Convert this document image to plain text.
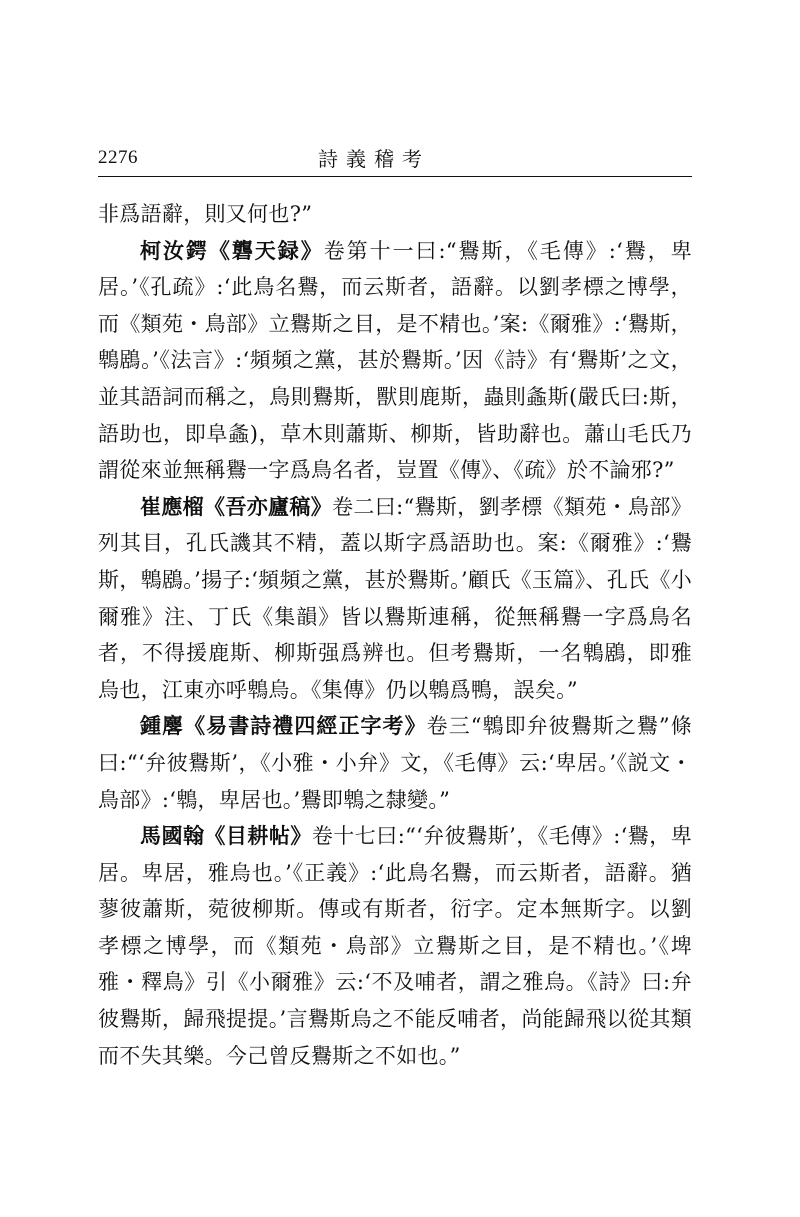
2276	詩義稽考

非爲語辭，則又何也?”

柯汝鍔《礱天録》卷第十一曰:“鸒斯，《毛傳》:‘鸒，卑居。’《孔疏》:‘此鳥名鸒，而云斯者，語辭。以劉孝標之博學，而《類苑・鳥部》立鸒斯之目，是不精也。’案:《爾雅》:‘鸒斯，鵯鶋。’《法言》:‘頻頻之黨，甚於鸒斯。’因《詩》有‘鸒斯’之文，並其語詞而稱之，鳥則鸒斯，獸則鹿斯，蟲則螽斯(嚴氏曰:斯，語助也，即阜螽)，草木則蕭斯、柳斯，皆助辭也。蕭山毛氏乃謂從來並無稱鸒一字爲鳥名者，豈置《傳》、《疏》於不論邪?”

崔應榴《吾亦廬稿》卷二曰:“鸒斯，劉孝標《類苑・鳥部》列其目，孔氏譏其不精，蓋以斯字爲語助也。案:《爾雅》:‘鸒斯，鵯鶋。’揚子:‘頻頻之黨，甚於鸒斯。’顧氏《玉篇》、孔氏《小爾雅》注、丁氏《集韻》皆以鸒斯連稱，從無稱鸒一字爲鳥名者，不得援鹿斯、柳斯强爲辨也。但考鸒斯，一名鵯鶋，即雅烏也，江東亦呼鵯烏。《集傳》仍以鵯爲鴨，誤矣。”

鍾麐《易書詩禮四經正字考》卷三“鵯即弁彼鸒斯之鸒”條曰:“‘弁彼鸒斯’，《小雅・小弁》文，《毛傳》云:‘卑居。’《説文・鳥部》:‘鵯，卑居也。’鸒即鵯之隸變。”

馬國翰《目耕帖》卷十七曰:“‘弁彼鸒斯’，《毛傳》:‘鸒，卑居。卑居，雅烏也。’《正義》:‘此鳥名鸒，而云斯者，語辭。猶蓼彼蕭斯，菀彼柳斯。傳或有斯者，衍字。定本無斯字。以劉孝標之博學，而《類苑・鳥部》立鸒斯之目，是不精也。’《埤雅・釋鳥》引《小爾雅》云:‘不及哺者，謂之雅烏。《詩》曰:弁彼鸒斯，歸飛提提。’言鸒斯烏之不能反哺者，尚能歸飛以從其類而不失其樂。今己曾反鸒斯之不如也。”
